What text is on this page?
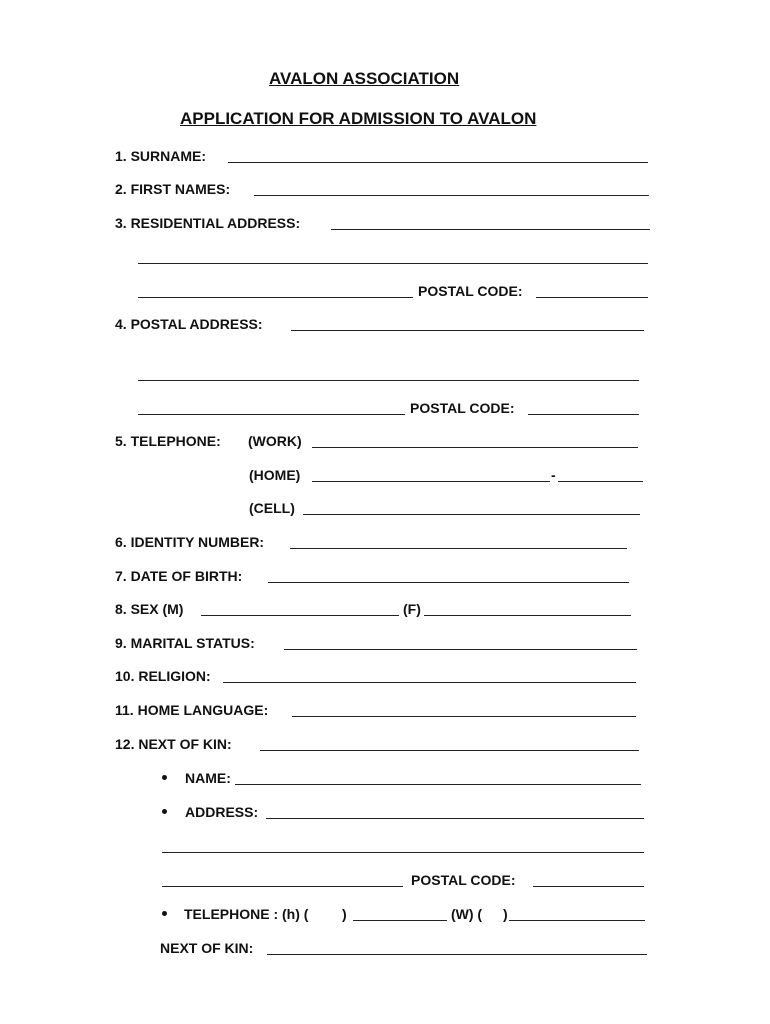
AVALON ASSOCIATION
APPLICATION FOR ADMISSION TO AVALON
1. SURNAME:
2. FIRST NAMES:
3. RESIDENTIAL ADDRESS:
POSTAL CODE:
4. POSTAL ADDRESS:
POSTAL CODE:
5. TELEPHONE: (WORK)
(HOME)	-
(CELL)
6. IDENTITY NUMBER:
7. DATE OF BIRTH:
8. SEX (M)	(F)
9. MARITAL STATUS:
10. RELIGION:
11. HOME LANGUAGE:
12. NEXT OF KIN:
NAME:
ADDRESS:
POSTAL CODE:
TELEPHONE : (h) ( )	(W) ( )
NEXT OF KIN:
